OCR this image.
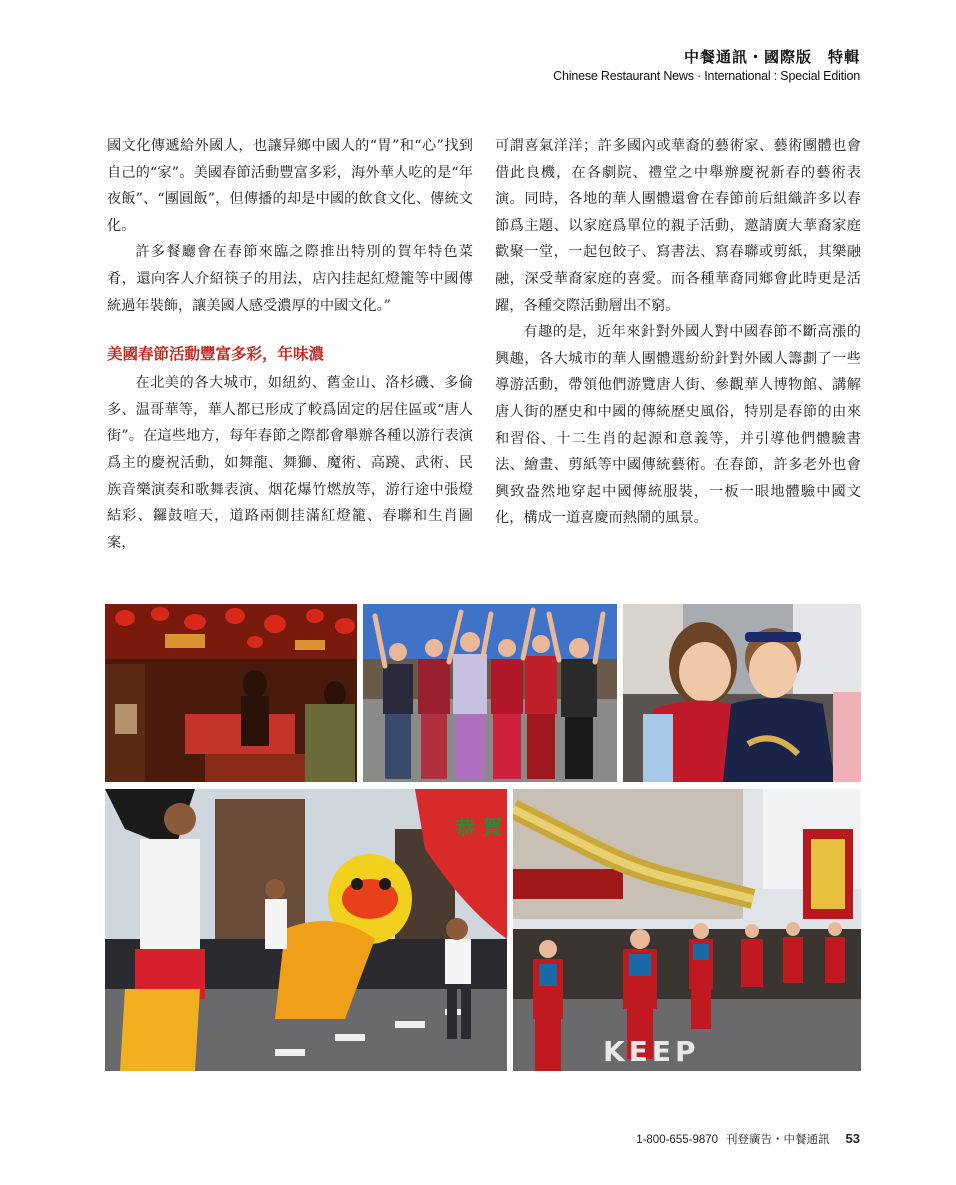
中餐通訊・國際版　特輯
Chinese Restaurant News · International : Special Edition

國文化傳遞給外國人，也讓异鄉中國人的“胃”和“心”找到自己的“家”。美國春節活動豐富多彩，海外華人吃的是“年夜飯”、“團圓飯”，但傳播的却是中國的飲食文化、傳統文化。

許多餐廳會在春節來臨之際推出特別的賀年特色菜肴，還向客人介紹筷子的用法，店內挂起紅燈籠等中國傳統過年裝飾，讓美國人感受濃厚的中國文化。”

美國春節活動豐富多彩，年味濃

在北美的各大城市，如紐約、舊金山、洛杉磯、多倫多、温哥華等，華人都已形成了較爲固定的居住區或“唐人街”。在這些地方，每年春節之際都會舉辦各種以游行表演爲主的慶祝活動，如舞龍、舞獅、魔術、高蹺、武術、民族音樂演奏和歌舞表演、烟花爆竹燃放等，游行途中張燈結彩、鑼鼓喧天，道路兩側挂滿紅燈籠、春聯和生肖圖案，

可謂喜氣洋洋；許多國內或華裔的藝術家、藝術團體也會借此良機，在各劇院、禮堂之中舉辦慶祝新春的藝術表演。同時，各地的華人團體還會在春節前后組織許多以春節爲主題、以家庭爲單位的親子活動，邀請廣大華裔家庭歡聚一堂，一起包餃子、寫書法、寫春聯或剪紙，其樂融融，深受華裔家庭的喜愛。而各種華裔同鄉會此時更是活躍，各種交際活動層出不窮。

有趣的是，近年來針對外國人對中國春節不斷高漲的興趣，各大城市的華人團體選紛紛針對外國人籌劃了一些導游活動，帶領他們游覽唐人街、參觀華人博物館、講解唐人街的歷史和中國的傳統歷史風俗，特別是春節的由來和習俗、十二生肖的起源和意義等，并引導他們體驗書法、繪畫、剪紙等中國傳統藝術。在春節，許多老外也會興致盎然地穿起中國傳統服裝，一板一眼地體驗中國文化，構成一道喜慶而熱鬧的風景。

恭 賀
KEEP
1-800-655-9870 刊登廣告・中餐通訊 53
